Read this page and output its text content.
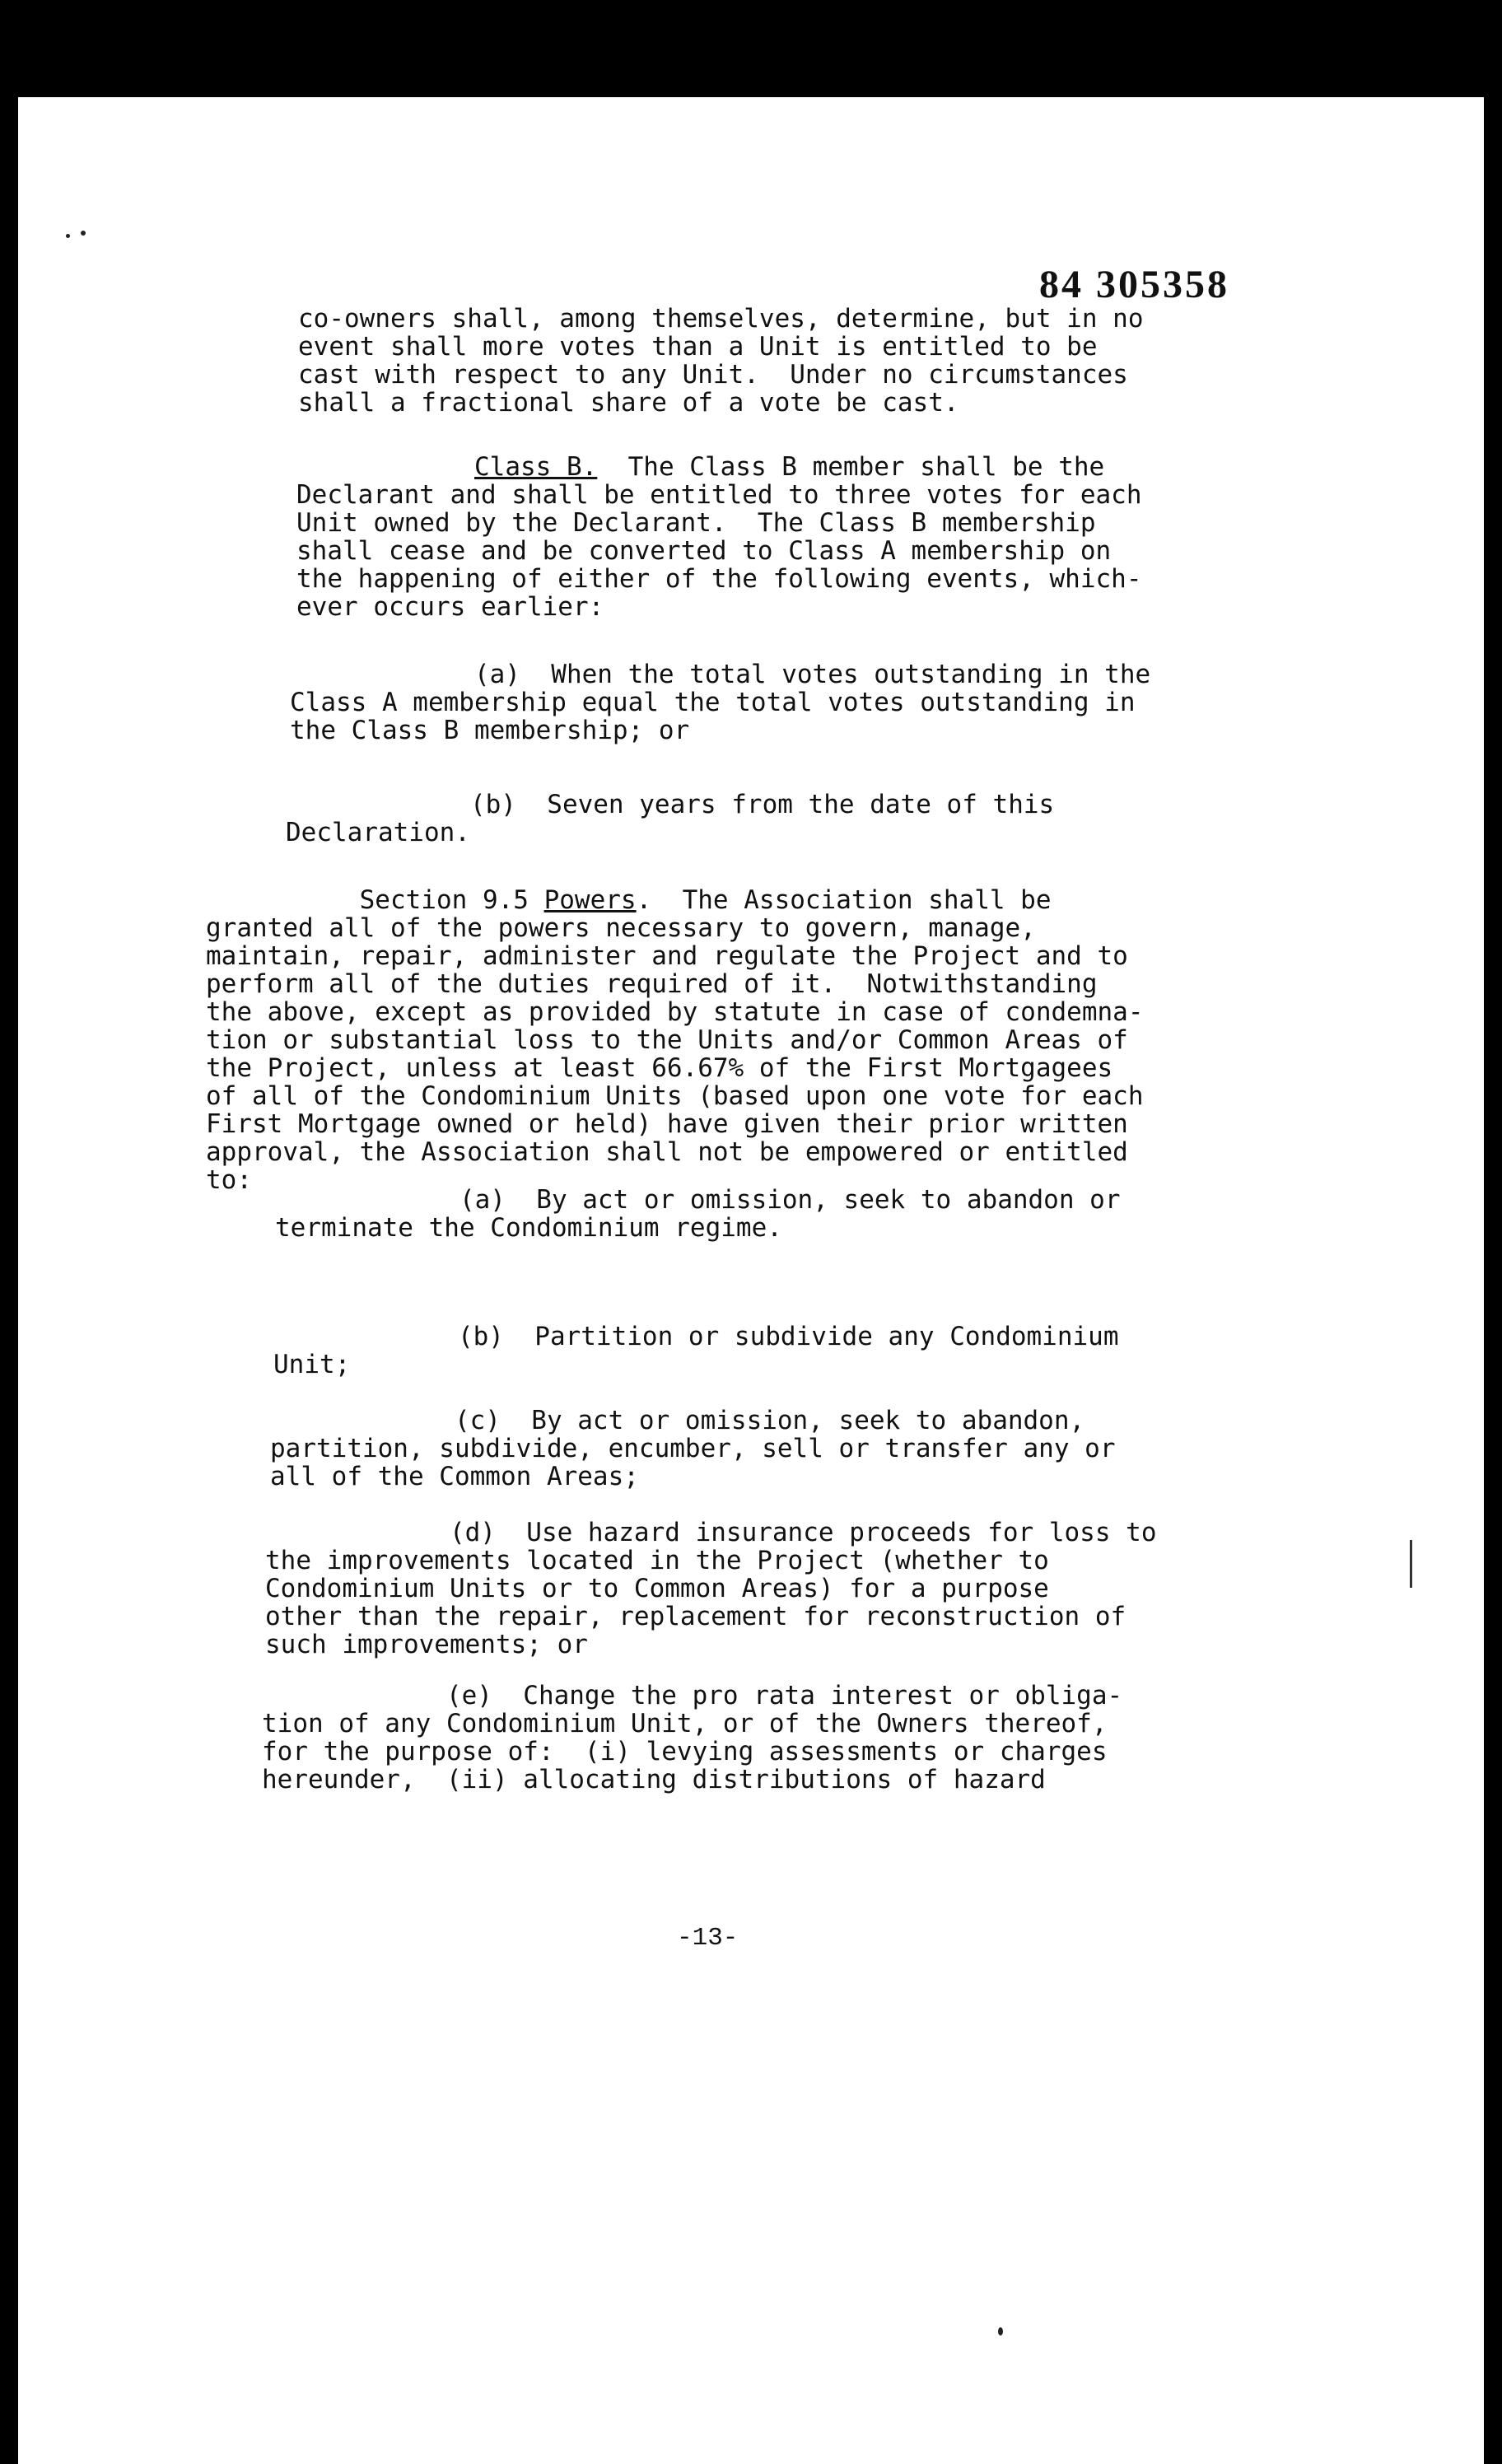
84 305358
co-owners shall, among themselves, determine, but in no
event shall more votes than a Unit is entitled to be
cast with respect to any Unit.  Under no circumstances
shall a fractional share of a vote be cast.
Class B.  The Class B member shall be the
Declarant and shall be entitled to three votes for each
Unit owned by the Declarant.  The Class B membership
shall cease and be converted to Class A membership on
the happening of either of the following events, which-
ever occurs earlier:
(a)  When the total votes outstanding in the
Class A membership equal the total votes outstanding in
the Class B membership; or
(b)  Seven years from the date of this
Declaration.
Section 9.5 Powers.  The Association shall be
granted all of the powers necessary to govern, manage,
maintain, repair, administer and regulate the Project and to
perform all of the duties required of it.  Notwithstanding
the above, except as provided by statute in case of condemna-
tion or substantial loss to the Units and/or Common Areas of
the Project, unless at least 66.67% of the First Mortgagees
of all of the Condominium Units (based upon one vote for each
First Mortgage owned or held) have given their prior written
approval, the Association shall not be empowered or entitled
to:
(a)  By act or omission, seek to abandon or
terminate the Condominium regime.
(b)  Partition or subdivide any Condominium
Unit;
(c)  By act or omission, seek to abandon,
partition, subdivide, encumber, sell or transfer any or
all of the Common Areas;
(d)  Use hazard insurance proceeds for loss to
the improvements located in the Project (whether to
Condominium Units or to Common Areas) for a purpose
other than the repair, replacement for reconstruction of
such improvements; or
(e)  Change the pro rata interest or obliga-
tion of any Condominium Unit, or of the Owners thereof,
for the purpose of:  (i) levying assessments or charges
hereunder,  (ii) allocating distributions of hazard
-13-
